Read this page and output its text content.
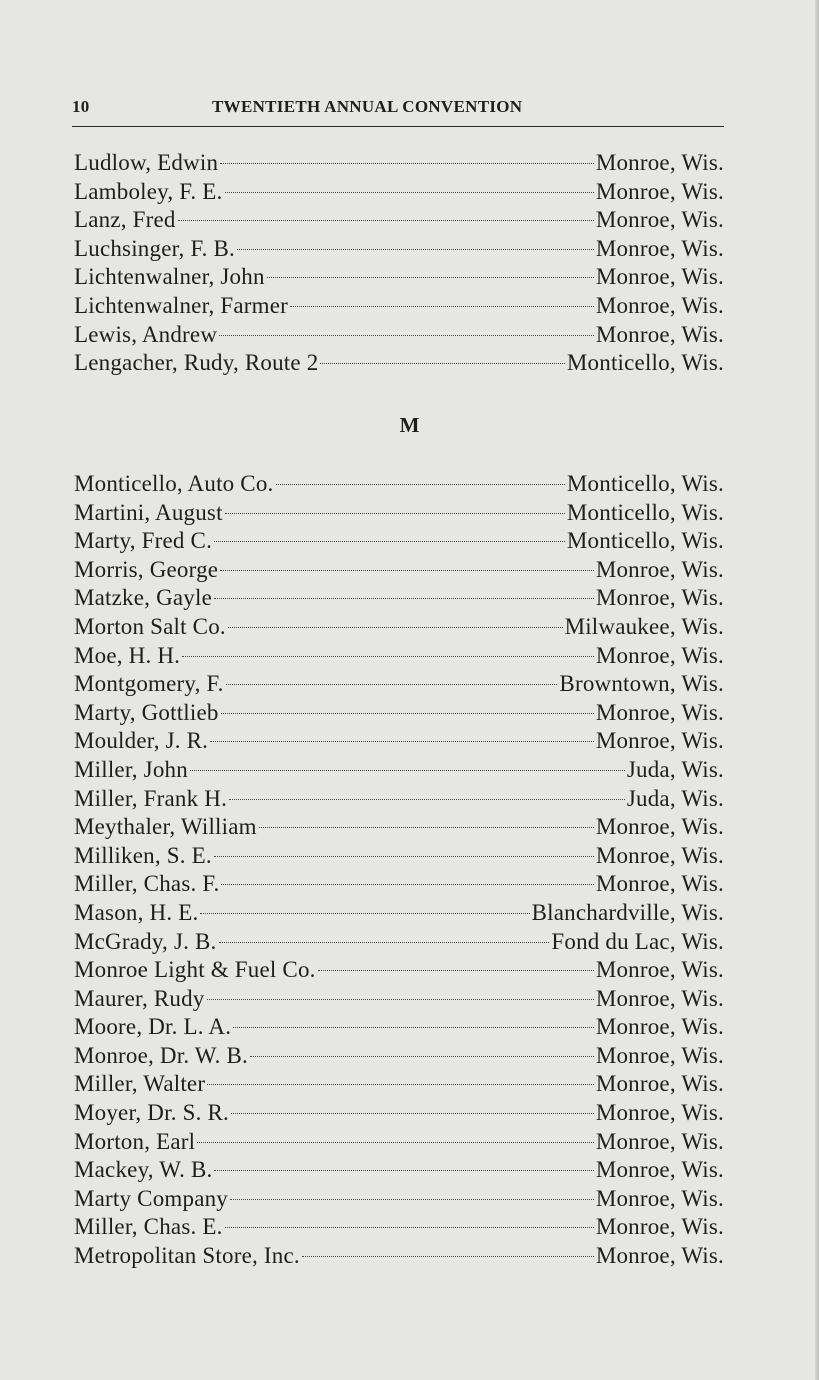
10	TWENTIETH ANNUAL CONVENTION
Ludlow, Edwin	Monroe, Wis.
Lamboley, F. E.	Monroe, Wis.
Lanz, Fred	Monroe, Wis.
Luchsinger, F. B.	Monroe, Wis.
Lichtenwalner, John	Monroe, Wis.
Lichtenwalner, Farmer	Monroe, Wis.
Lewis, Andrew	Monroe, Wis.
Lengacher, Rudy, Route 2	Monticello, Wis.
M
Monticello, Auto Co.	Monticello, Wis.
Martini, August	Monticello, Wis.
Marty, Fred C.	Monticello, Wis.
Morris, George	Monroe, Wis.
Matzke, Gayle	Monroe, Wis.
Morton Salt Co.	Milwaukee, Wis.
Moe, H. H.	Monroe, Wis.
Montgomery, F.	Browntown, Wis.
Marty, Gottlieb	Monroe, Wis.
Moulder, J. R.	Monroe, Wis.
Miller, John	Juda, Wis.
Miller, Frank H.	Juda, Wis.
Meythaler, William	Monroe, Wis.
Milliken, S. E.	Monroe, Wis.
Miller, Chas. F.	Monroe, Wis.
Mason, H. E.	Blanchardville, Wis.
McGrady, J. B.	Fond du Lac, Wis.
Monroe Light & Fuel Co.	Monroe, Wis.
Maurer, Rudy	Monroe, Wis.
Moore, Dr. L. A.	Monroe, Wis.
Monroe, Dr. W. B.	Monroe, Wis.
Miller, Walter	Monroe, Wis.
Moyer, Dr. S. R.	Monroe, Wis.
Morton, Earl	Monroe, Wis.
Mackey, W. B.	Monroe, Wis.
Marty Company	Monroe, Wis.
Miller, Chas. E.	Monroe, Wis.
Metropolitan Store, Inc.	Monroe, Wis.
